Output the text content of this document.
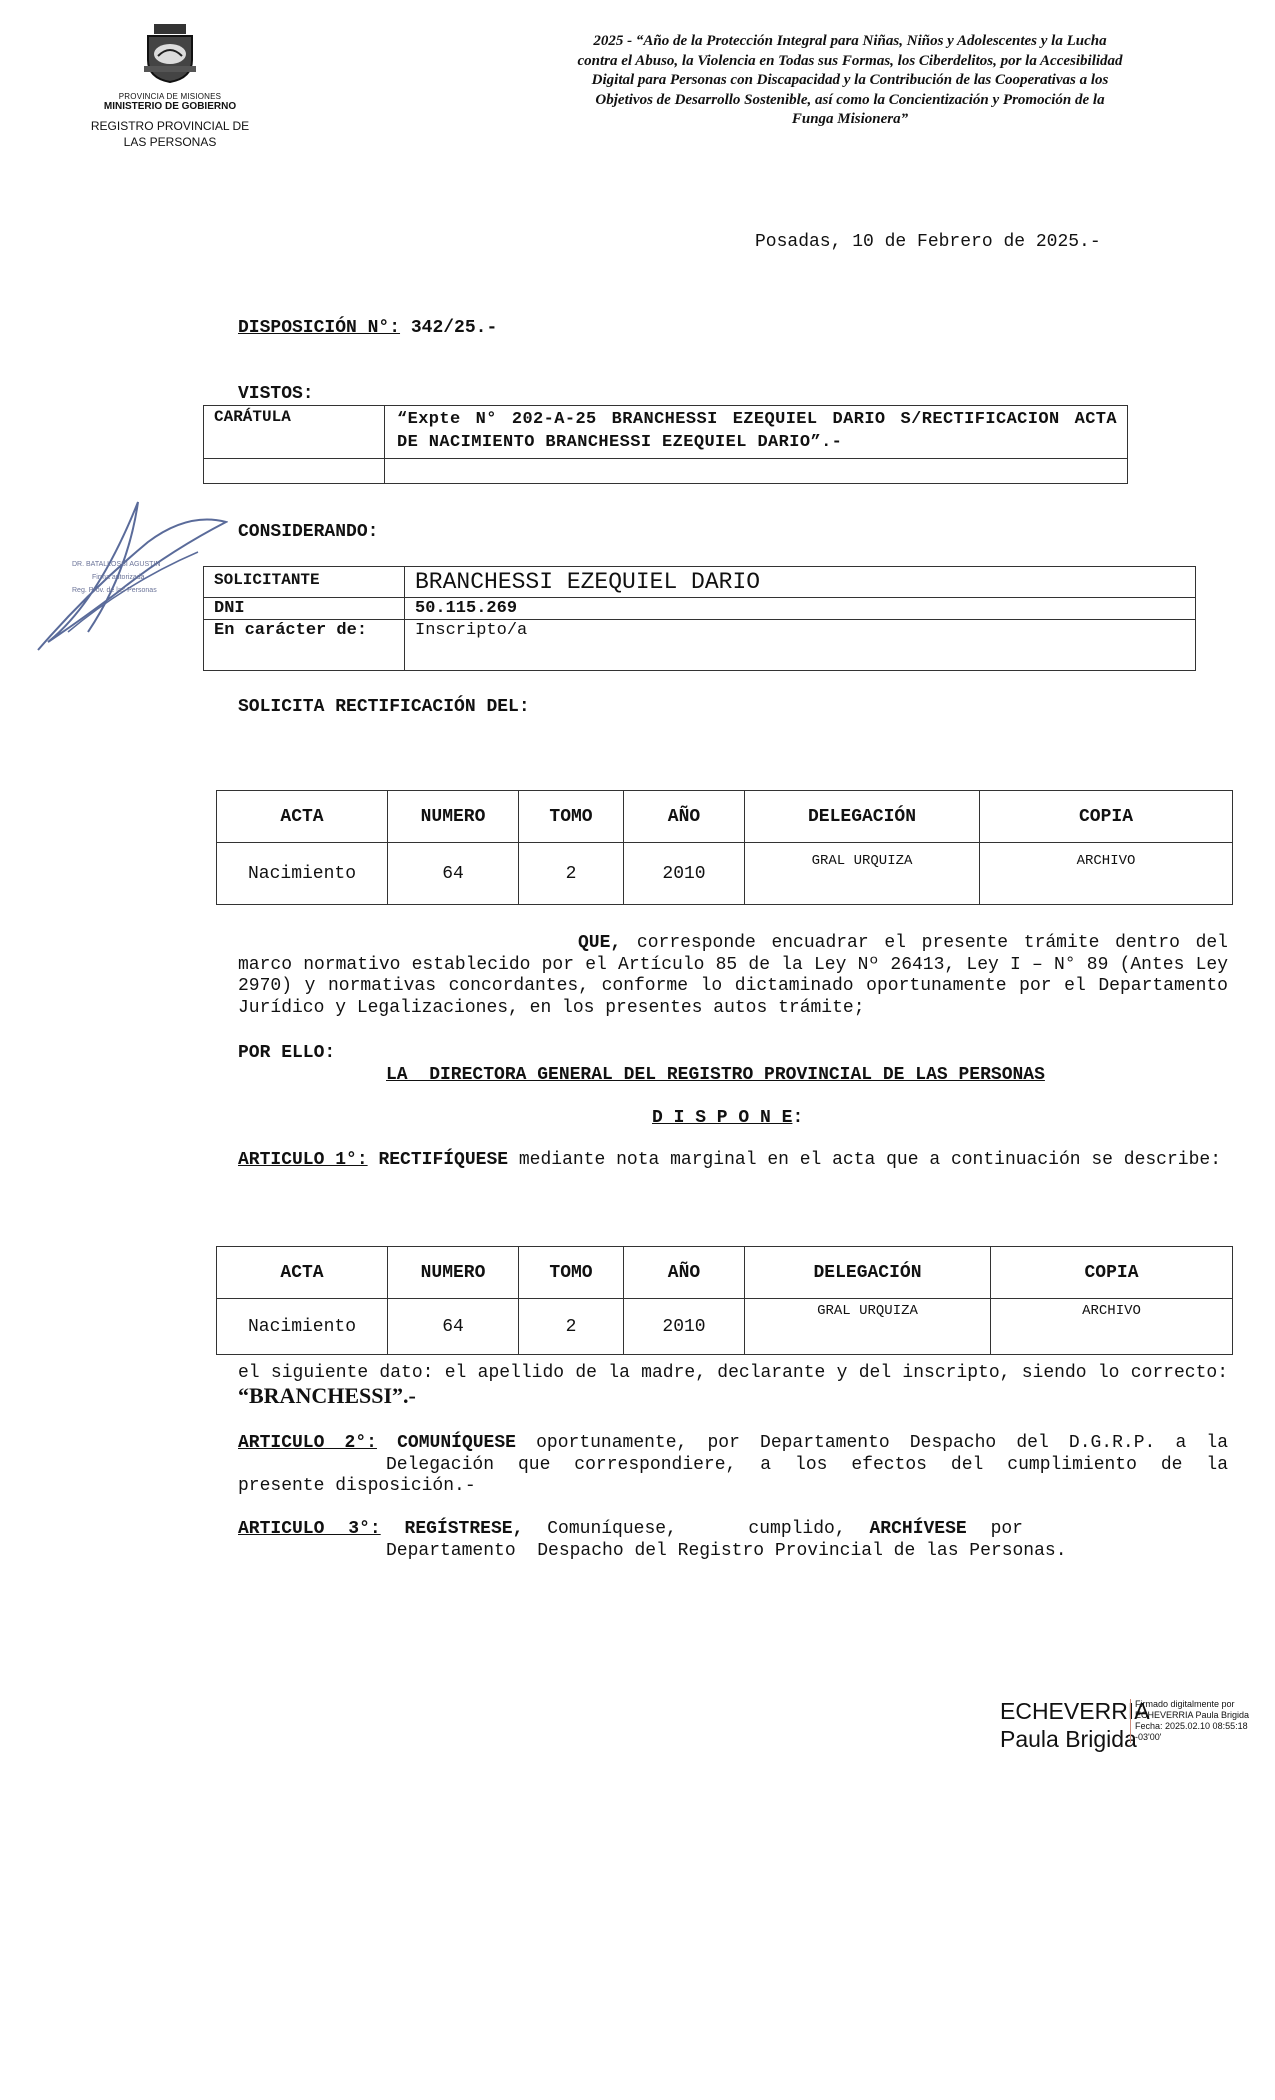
PROVINCIA DE MISIONES
MINISTERIO DE GOBIERNO
REGISTRO PROVINCIAL DE
LAS PERSONAS
2025 - “Año de la Protección Integral para Niñas, Niños y Adolescentes y la Lucha
contra el Abuso, la Violencia en Todas sus Formas, los Ciberdelitos, por la Accesibilidad
Digital para Personas con Discapacidad y la Contribución de las Cooperativas a los
Objetivos de Desarrollo Sostenible, así como la Concientización y Promoción de la
Funga Misionera”
Posadas, 10 de Febrero de 2025.-
DISPOSICIÓN N°: 342/25.-
VISTOS:
CARÁTULA	“Expte N° 202-A-25 BRANCHESSI EZEQUIEL DARIO S/RECTIFICACION ACTA DE NACIMIENTO BRANCHESSI EZEQUIEL DARIO”.-

CONSIDERANDO:
SOLICITANTE	BRANCHESSI EZEQUIEL DARIO
DNI	50.115.269
En carácter de:	Inscripto/a
SOLICITA RECTIFICACIÓN DEL:
ACTA	NUMERO	TOMO	AÑO	DELEGACIÓN	COPIA
Nacimiento	64	2	2010	GRAL URQUIZA	ARCHIVO
QUE, corresponde encuadrar el presente trámite dentro del marco normativo establecido por el Artículo 85 de la Ley Nº 26413, Ley I – N° 89 (Antes Ley 2970) y normativas concordantes, conforme lo dictaminado oportunamente por el Departamento Jurídico y Legalizaciones, en los presentes autos trámite;
POR ELLO:
LA  DIRECTORA GENERAL DEL REGISTRO PROVINCIAL DE LAS PERSONAS
D I S P O N E:
ARTICULO 1°: RECTIFÍQUESE mediante nota marginal en el acta que a continuación se describe:
ACTA	NUMERO	TOMO	AÑO	DELEGACIÓN	COPIA
Nacimiento	64	2	2010	GRAL URQUIZA	ARCHIVO
el siguiente dato: el apellido de la madre, declarante y del inscripto, siendo lo correcto: “BRANCHESSI”.-
ARTICULO 2°: COMUNÍQUESE oportunamente, por Departamento Despacho del D.G.R.P. a la
Delegación que correspondiere, a los efectos del cumplimiento de la
presente disposición.-
ARTICULO 3°: REGÍSTRESE, Comuníquese,   cumplido, ARCHÍVESE por
Departamento  Despacho del Registro Provincial de las Personas.
DR. BATALLOSSI AGUSTIN
Firma autorizada
Reg. Prov. de las Personas
ECHEVERRIA
Paula Brigida
Firmado digitalmente por
ECHEVERRIA Paula Brigida
Fecha: 2025.02.10 08:55:18
-03'00'
